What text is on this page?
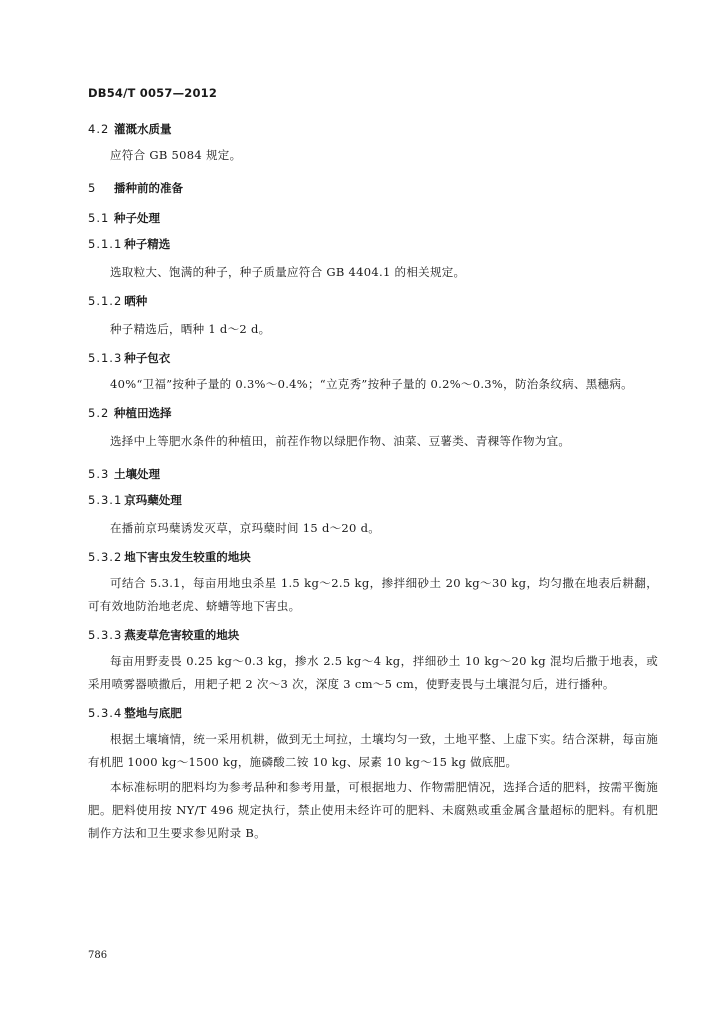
DB54/T 0057—2012
4.2 灌溉水质量
应符合 GB 5084 规定。
5 播种前的准备
5.1 种子处理
5.1.1 种子精选
选取粒大、饱满的种子，种子质量应符合 GB 4404.1 的相关规定。
5.1.2 晒种
种子精选后，晒种 1 d～2 d。
5.1.3 种子包衣
40%“卫福”按种子量的 0.3%～0.4%；“立克秀”按种子量的 0.2%～0.3%，防治条纹病、黑穗病。
5.2 种植田选择
选择中上等肥水条件的种植田，前茬作物以绿肥作物、油菜、豆薯类、青稞等作物为宜。
5.3 土壤处理
5.3.1 京玛蘖处理
在播前京玛蘖诱发灭草，京玛蘖时间 15 d～20 d。
5.3.2 地下害虫发生较重的地块
可结合 5.3.1，每亩用地虫杀星 1.5 kg～2.5 kg，掺拌细砂土 20 kg～30 kg，均匀撒在地表后耕翻，可有效地防治地老虎、蛴螬等地下害虫。
5.3.3 燕麦草危害较重的地块
每亩用野麦畏 0.25 kg～0.3 kg，掺水 2.5 kg～4 kg，拌细砂土 10 kg～20 kg 混均后撒于地表，或采用喷雾器喷撒后，用耙子耙 2 次～3 次，深度 3 cm～5 cm，使野麦畏与土壤混匀后，进行播种。
5.3.4 整地与底肥
根据土壤墒情，统一采用机耕，做到无土坷拉，土壤均匀一致，土地平整、上虚下实。结合深耕，每亩施有机肥 1000 kg～1500 kg，施磷酸二铵 10 kg、尿素 10 kg～15 kg 做底肥。
本标准标明的肥料均为参考品种和参考用量，可根据地力、作物需肥情况，选择合适的肥料，按需平衡施肥。肥料使用按 NY/T 496 规定执行，禁止使用未经许可的肥料、未腐熟或重金属含量超标的肥料。有机肥制作方法和卫生要求参见附录 B。
786
